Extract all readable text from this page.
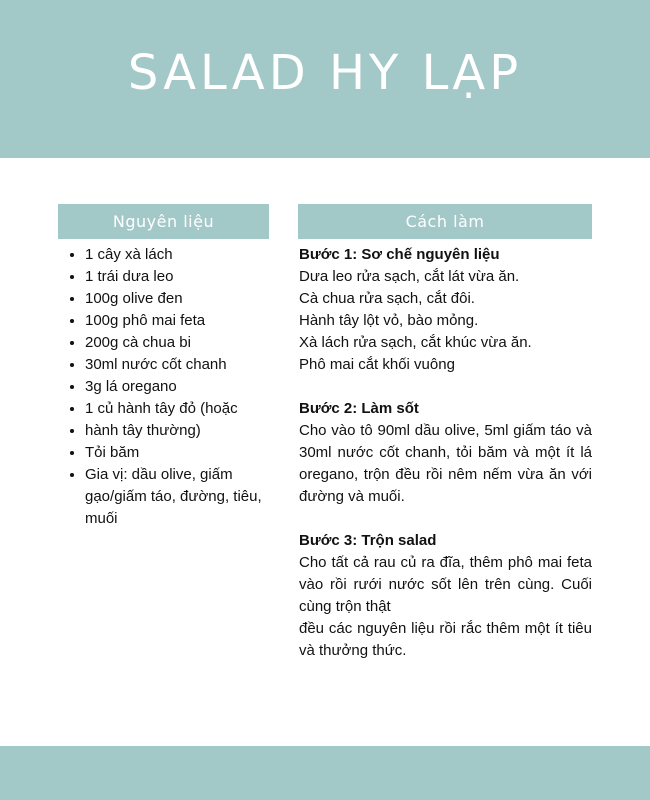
SALAD HY LẠP
Nguyên liệu	Cách làm
• 1 cây xà lách
• 1 trái dưa leo
• 100g olive đen
• 100g phô mai feta
• 200g cà chua bi
• 30ml nước cốt chanh
• 3g lá oregano
• 1 củ hành tây đỏ (hoặc
• hành tây thường)
• Tỏi băm
• Gia vị: dầu olive, giấm gạo/giấm táo, đường, tiêu, muối
Bước 1: Sơ chế nguyên liệu
Dưa leo rửa sạch, cắt lát vừa ăn.
Cà chua rửa sạch, cắt đôi.
Hành tây lột vỏ, bào mỏng.
Xà lách rửa sạch, cắt khúc vừa ăn.
Phô mai cắt khối vuông
Bước 2: Làm sốt
Cho vào tô 90ml dầu olive, 5ml giấm táo và 30ml nước cốt chanh, tỏi băm và một ít lá oregano, trộn đều rồi nêm nếm vừa ăn với đường và muối.
Bước 3: Trộn salad
Cho tất cả rau củ ra đĩa, thêm phô mai feta vào rồi rưới nước sốt lên trên cùng. Cuối cùng trộn thật
đều các nguyên liệu rồi rắc thêm một ít tiêu và thưởng thức.
